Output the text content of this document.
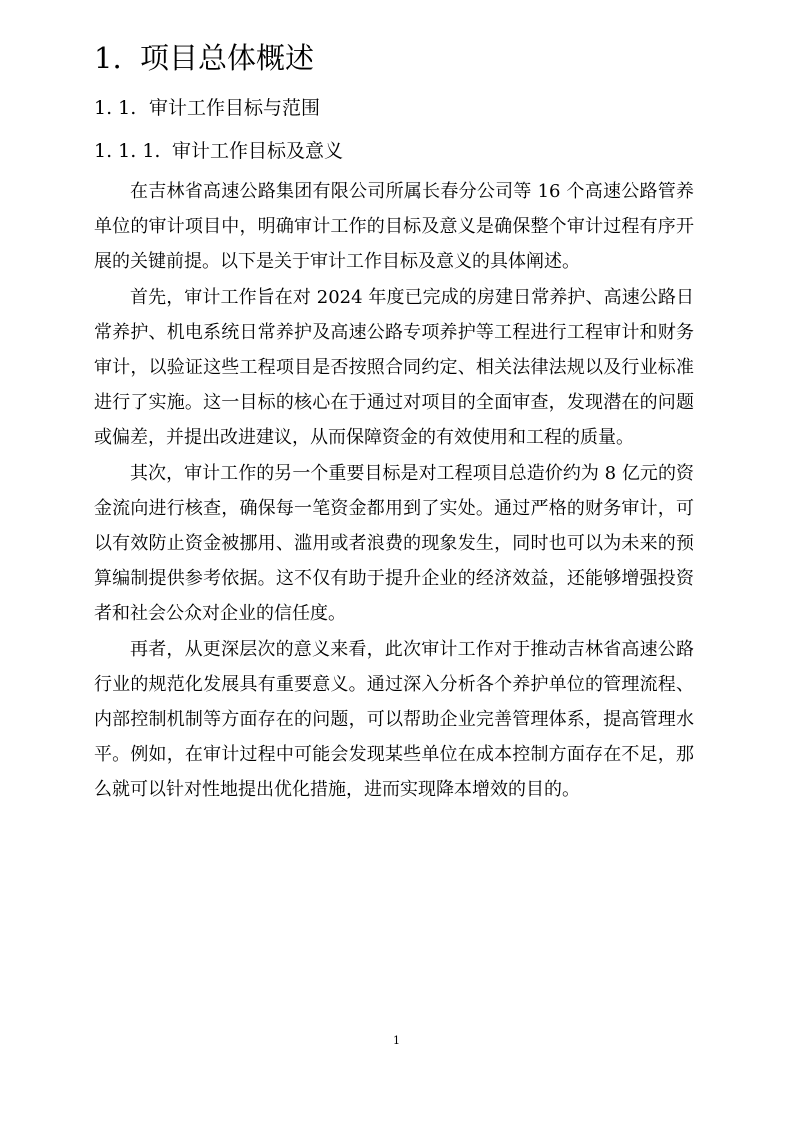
1. 项目总体概述
1. 1. 审计工作目标与范围
1. 1. 1. 审计工作目标及意义

在吉林省高速公路集团有限公司所属长春分公司等 16 个高速公路管养单位的审计项目中，明确审计工作的目标及意义是确保整个审计过程有序开展的关键前提。以下是关于审计工作目标及意义的具体阐述。

首先，审计工作旨在对 2024 年度已完成的房建日常养护、高速公路日常养护、机电系统日常养护及高速公路专项养护等工程进行工程审计和财务审计，以验证这些工程项目是否按照合同约定、相关法律法规以及行业标准进行了实施。这一目标的核心在于通过对项目的全面审查，发现潜在的问题或偏差，并提出改进建议，从而保障资金的有效使用和工程的质量。

其次，审计工作的另一个重要目标是对工程项目总造价约为 8 亿元的资金流向进行核查，确保每一笔资金都用到了实处。通过严格的财务审计，可以有效防止资金被挪用、滥用或者浪费的现象发生，同时也可以为未来的预算编制提供参考依据。这不仅有助于提升企业的经济效益，还能够增强投资者和社会公众对企业的信任度。

再者，从更深层次的意义来看，此次审计工作对于推动吉林省高速公路行业的规范化发展具有重要意义。通过深入分析各个养护单位的管理流程、内部控制机制等方面存在的问题，可以帮助企业完善管理体系，提高管理水平。例如，在审计过程中可能会发现某些单位在成本控制方面存在不足，那么就可以针对性地提出优化措施，进而实现降本增效的目的。

1
